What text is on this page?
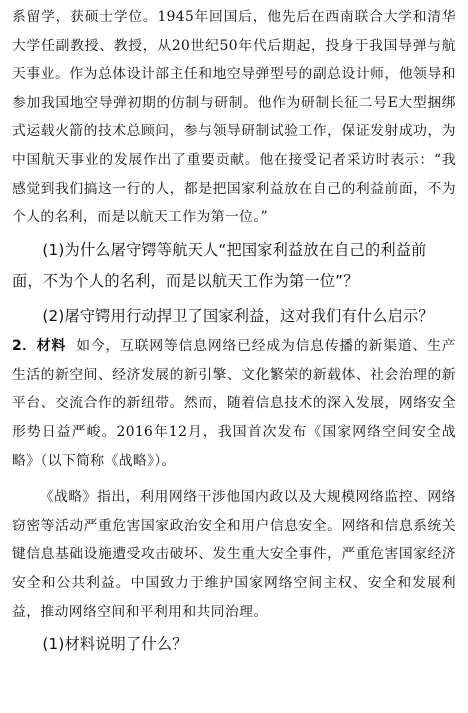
系留学，获硕士学位。1945年回国后，他先后在西南联合大学和清华大学任副教授、教授，从20世纪50年代后期起，投身于我国导弹与航天事业。作为总体设计部主任和地空导弹型号的副总设计师，他领导和参加我国地空导弹初期的仿制与研制。他作为研制长征二号E大型捆绑式运载火箭的技术总顾问，参与领导研制试验工作，保证发射成功，为中国航天事业的发展作出了重要贡献。他在接受记者采访时表示：“我感觉到我们搞这一行的人，都是把国家利益放在自己的利益前面，不为个人的名利，而是以航天工作为第一位。”

(1)为什么屠守锷等航天人“把国家利益放在自己的利益前面，不为个人的名利，而是以航天工作为第一位”？

(2)屠守锷用行动捍卫了国家利益，这对我们有什么启示？

2．材料 如今，互联网等信息网络已经成为信息传播的新渠道、生产生活的新空间、经济发展的新引擎、文化繁荣的新载体、社会治理的新平台、交流合作的新纽带。然而，随着信息技术的深入发展，网络安全形势日益严峻。2016年12月，我国首次发布《国家网络空间安全战略》（以下简称《战略》）。

《战略》指出，利用网络干涉他国内政以及大规模网络监控、网络窃密等活动严重危害国家政治安全和用户信息安全。网络和信息系统关键信息基础设施遭受攻击破坏、发生重大安全事件，严重危害国家经济安全和公共利益。中国致力于维护国家网络空间主权、安全和发展利益，推动网络空间和平利用和共同治理。

(1)材料说明了什么？
